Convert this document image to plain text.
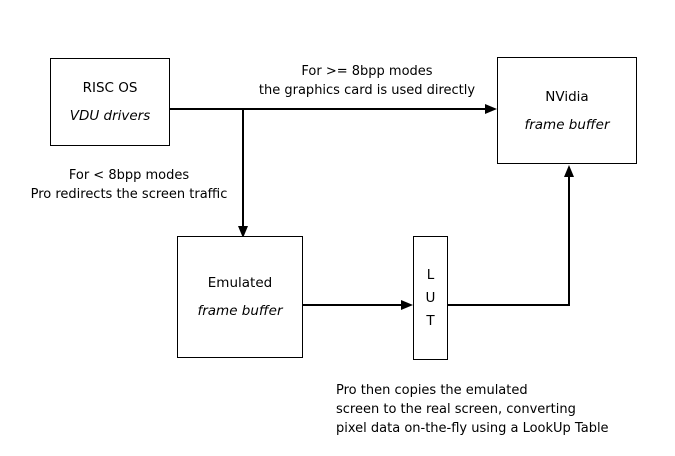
RISC OS
VDU drivers
NVidia
frame buffer
Emulated
frame buffer
L
U
T
For >= 8bpp modes
the graphics card is used directly
For < 8bpp modes
Pro redirects the screen traffic
Pro then copies the emulated
screen to the real screen, converting
pixel data on-the-fly using a LookUp Table
